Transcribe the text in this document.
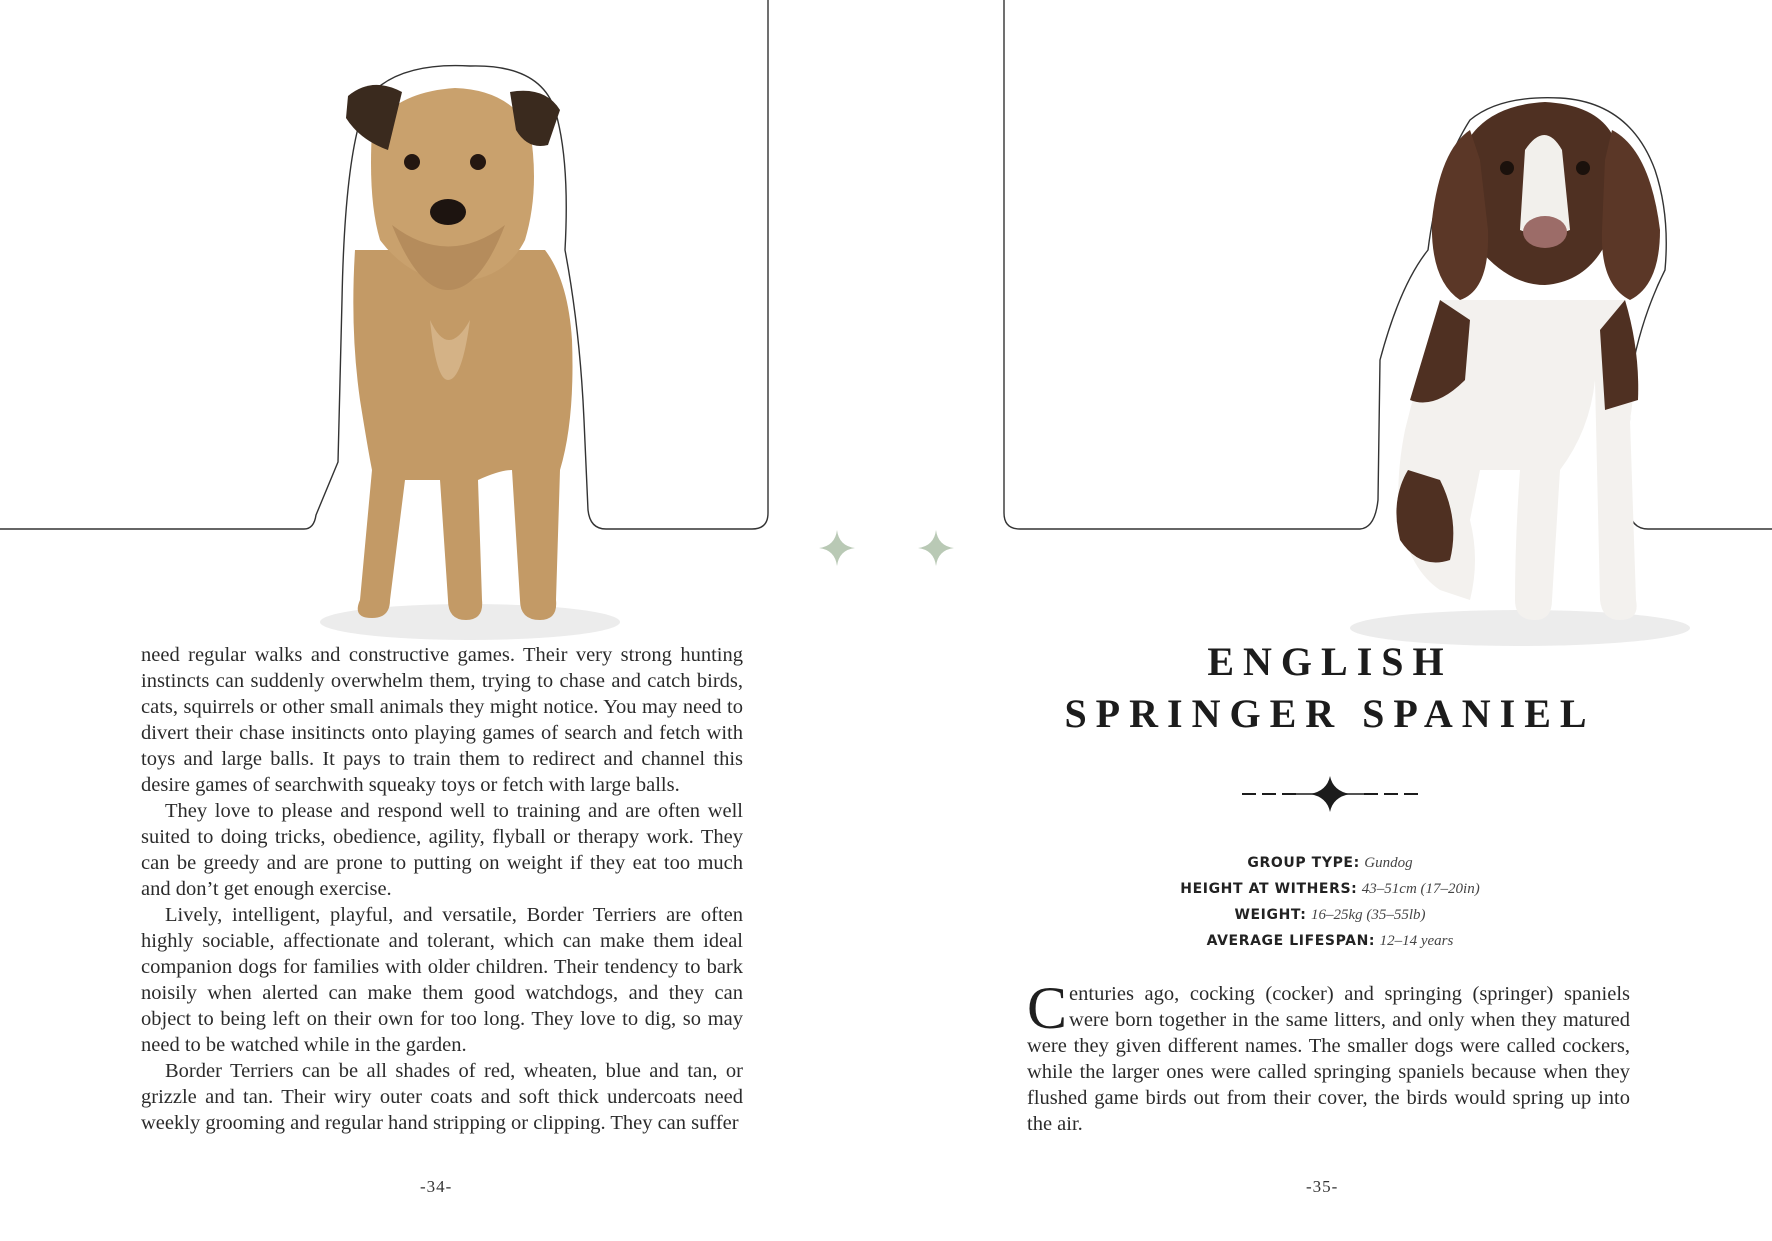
need regular walks and constructive games. Their very strong hunting instincts can suddenly overwhelm them, trying to chase and catch birds, cats, squirrels or other small animals they might notice. You may need to divert their chase insitincts onto playing games of search and fetch with toys and large balls. It pays to train them to redirect and channel this desire games of searchwith squeaky toys or fetch with large balls.

They love to please and respond well to training and are often well suited to doing tricks, obedience, agility, flyball or therapy work. They can be greedy and are prone to putting on weight if they eat too much and don’t get enough exercise.

Lively, intelligent, playful, and versatile, Border Terriers are often highly sociable, affectionate and tolerant, which can make them ideal companion dogs for families with older children. Their tendency to bark noisily when alerted can make them good watchdogs, and they can object to being left on their own for too long. They love to dig, so may need to be watched while in the garden.

Border Terriers can be all shades of red, wheaten, blue and tan, or grizzle and tan. Their wiry outer coats and soft thick undercoats need weekly grooming and regular hand stripping or clipping. They can suffer

-34-
ENGLISH
SPRINGER SPANIEL
GROUP TYPE: Gundog
HEIGHT AT WITHERS: 43–51cm (17–20in)
WEIGHT: 16–25kg (35–55lb)
AVERAGE LIFESPAN: 12–14 years

Centuries ago, cocking (cocker) and springing (springer) spaniels were born together in the same litters, and only when they matured were they given different names. The smaller dogs were called cockers, while the larger ones were called springing spaniels because when they flushed game birds out from their cover, the birds would spring up into the air.

-35-
